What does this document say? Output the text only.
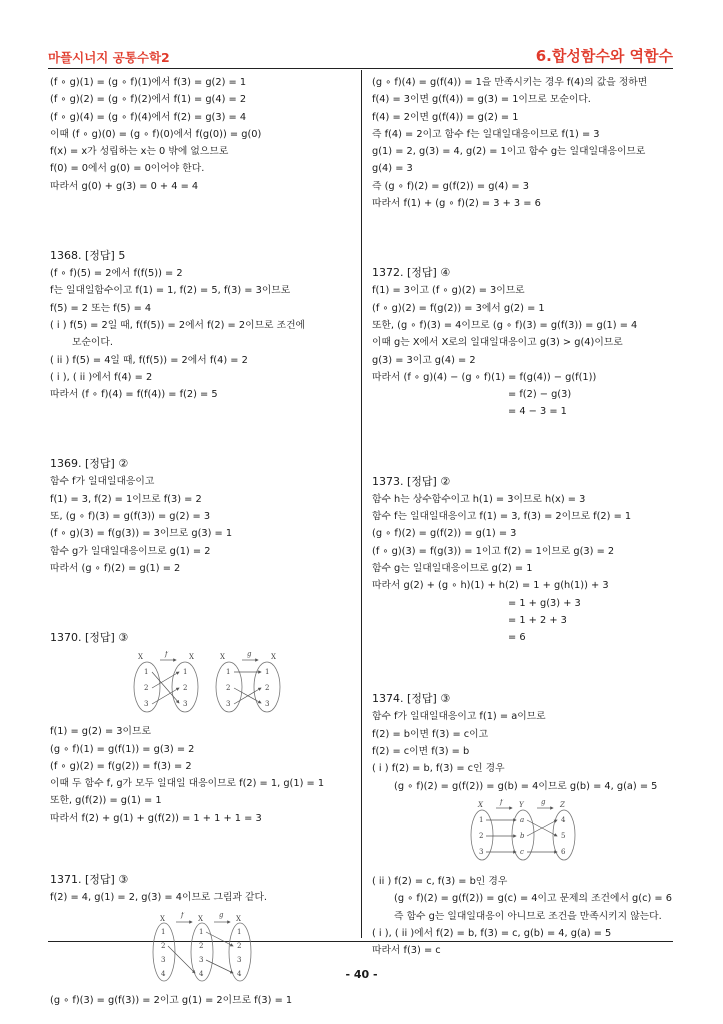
마플시너지 공통수학2	6.합성함수와 역함수
- 40 -
(f ∘ g)(1) = (g ∘ f)(1)에서 f(3) = g(2) = 1
(f ∘ g)(2) = (g ∘ f)(2)에서 f(1) = g(4) = 2
(f ∘ g)(4) = (g ∘ f)(4)에서 f(2) = g(3) = 4
이때 (f ∘ g)(0) = (g ∘ f)(0)에서 f(g(0)) = g(0)
f(x) = x가 성립하는 x는 0 밖에 없으므로
f(0) = 0에서 g(0) = 0이어야 한다.
따라서 g(0) + g(3) = 0 + 4 = 4
1368. [정답] 5
(f ∘ f)(5) = 2에서 f(f(5)) = 2
f는 일대일함수이고 f(1) = 1, f(2) = 5, f(3) = 3이므로
f(5) = 2 또는 f(5) = 4
( i ) f(5) = 2일 때, f(f(5)) = 2에서 f(2) = 2이므로 조건에
모순이다.
( ii ) f(5) = 4일 때, f(f(5)) = 2에서 f(4) = 2
( i ), ( ii )에서 f(4) = 2
따라서 (f ∘ f)(4) = f(f(4)) = f(2) = 5
1369. [정답] ②
함수 f가 일대일대응이고
f(1) = 3, f(2) = 1이므로 f(3) = 2
또, (g ∘ f)(3) = g(f(3)) = g(2) = 3
(f ∘ g)(3) = f(g(3)) = 3이므로 g(3) = 1
함수 g가 일대일대응이므로 g(1) = 2
따라서 (g ∘ f)(2) = g(1) = 2
1370. [정답] ③
X	X	X	X
f	g
1
2
3
1
2
3
1
2
3
1
2
3
f(1) = g(2) = 3이므로
(g ∘ f)(1) = g(f(1)) = g(3) = 2
(f ∘ g)(2) = f(g(2)) = f(3) = 2
이때 두 함수 f, g가 모두 일대일 대응이므로 f(2) = 1, g(1) = 1
또한, g(f(2)) = g(1) = 1
따라서 f(2) + g(1) + g(f(2)) = 1 + 1 + 1 = 3
1371. [정답] ③
f(2) = 4, g(1) = 2, g(3) = 4이므로 그림과 같다.
X	X	X
f	g
1
2
3
4
1
2
3
4
1
2
3
4
(g ∘ f)(3) = g(f(3)) = 2이고 g(1) = 2이므로 f(3) = 1
(g ∘ f)(4) = g(f(4)) = 1을 만족시키는 경우 f(4)의 값을 정하면
f(4) = 3이면 g(f(4)) = g(3) = 1이므로 모순이다.
f(4) = 2이면 g(f(4)) = g(2) = 1
즉 f(4) = 2이고 함수 f는 일대일대응이므로 f(1) = 3
g(1) = 2, g(3) = 4, g(2) = 1이고 함수 g는 일대일대응이므로
g(4) = 3
즉 (g ∘ f)(2) = g(f(2)) = g(4) = 3
따라서 f(1) + (g ∘ f)(2) = 3 + 3 = 6
1372. [정답] ④
f(1) = 3이고 (f ∘ g)(2) = 3이므로
(f ∘ g)(2) = f(g(2)) = 3에서 g(2) = 1
또한, (g ∘ f)(3) = 4이므로 (g ∘ f)(3) = g(f(3)) = g(1) = 4
이때 g는 X에서 X로의 일대일대응이고 g(3) > g(4)이므로
g(3) = 3이고 g(4) = 2
따라서 (f ∘ g)(4) − (g ∘ f)(1) = f(g(4)) − g(f(1))
= f(2) − g(3)
= 4 − 3 = 1
1373. [정답] ②
함수 h는 상수함수이고 h(1) = 3이므로 h(x) = 3
함수 f는 일대일대응이고 f(1) = 3, f(3) = 2이므로 f(2) = 1
(g ∘ f)(2) = g(f(2)) = g(1) = 3
(f ∘ g)(3) = f(g(3)) = 1이고 f(2) = 1이므로 g(3) = 2
함수 g는 일대일대응이므로 g(2) = 1
따라서 g(2) + (g ∘ h)(1) + h(2) = 1 + g(h(1)) + 3
= 1 + g(3) + 3
= 1 + 2 + 3
= 6
1374. [정답] ③
함수 f가 일대일대응이고 f(1) = a이므로
f(2) = b이면 f(3) = c이고
f(2) = c이면 f(3) = b
( i ) f(2) = b, f(3) = c인 경우
(g ∘ f)(2) = g(f(2)) = g(b) = 4이므로 g(b) = 4, g(a) = 5
X	Y	Z
f	g
1
2
3
a
b
c
4
5
6
( ii ) f(2) = c, f(3) = b인 경우
(g ∘ f)(2) = g(f(2)) = g(c) = 4이고 문제의 조건에서 g(c) = 6
즉 함수 g는 일대일대응이 아니므로 조건을 만족시키지 않는다.
( i ), ( ii )에서 f(2) = b, f(3) = c, g(b) = 4, g(a) = 5
따라서 f(3) = c
